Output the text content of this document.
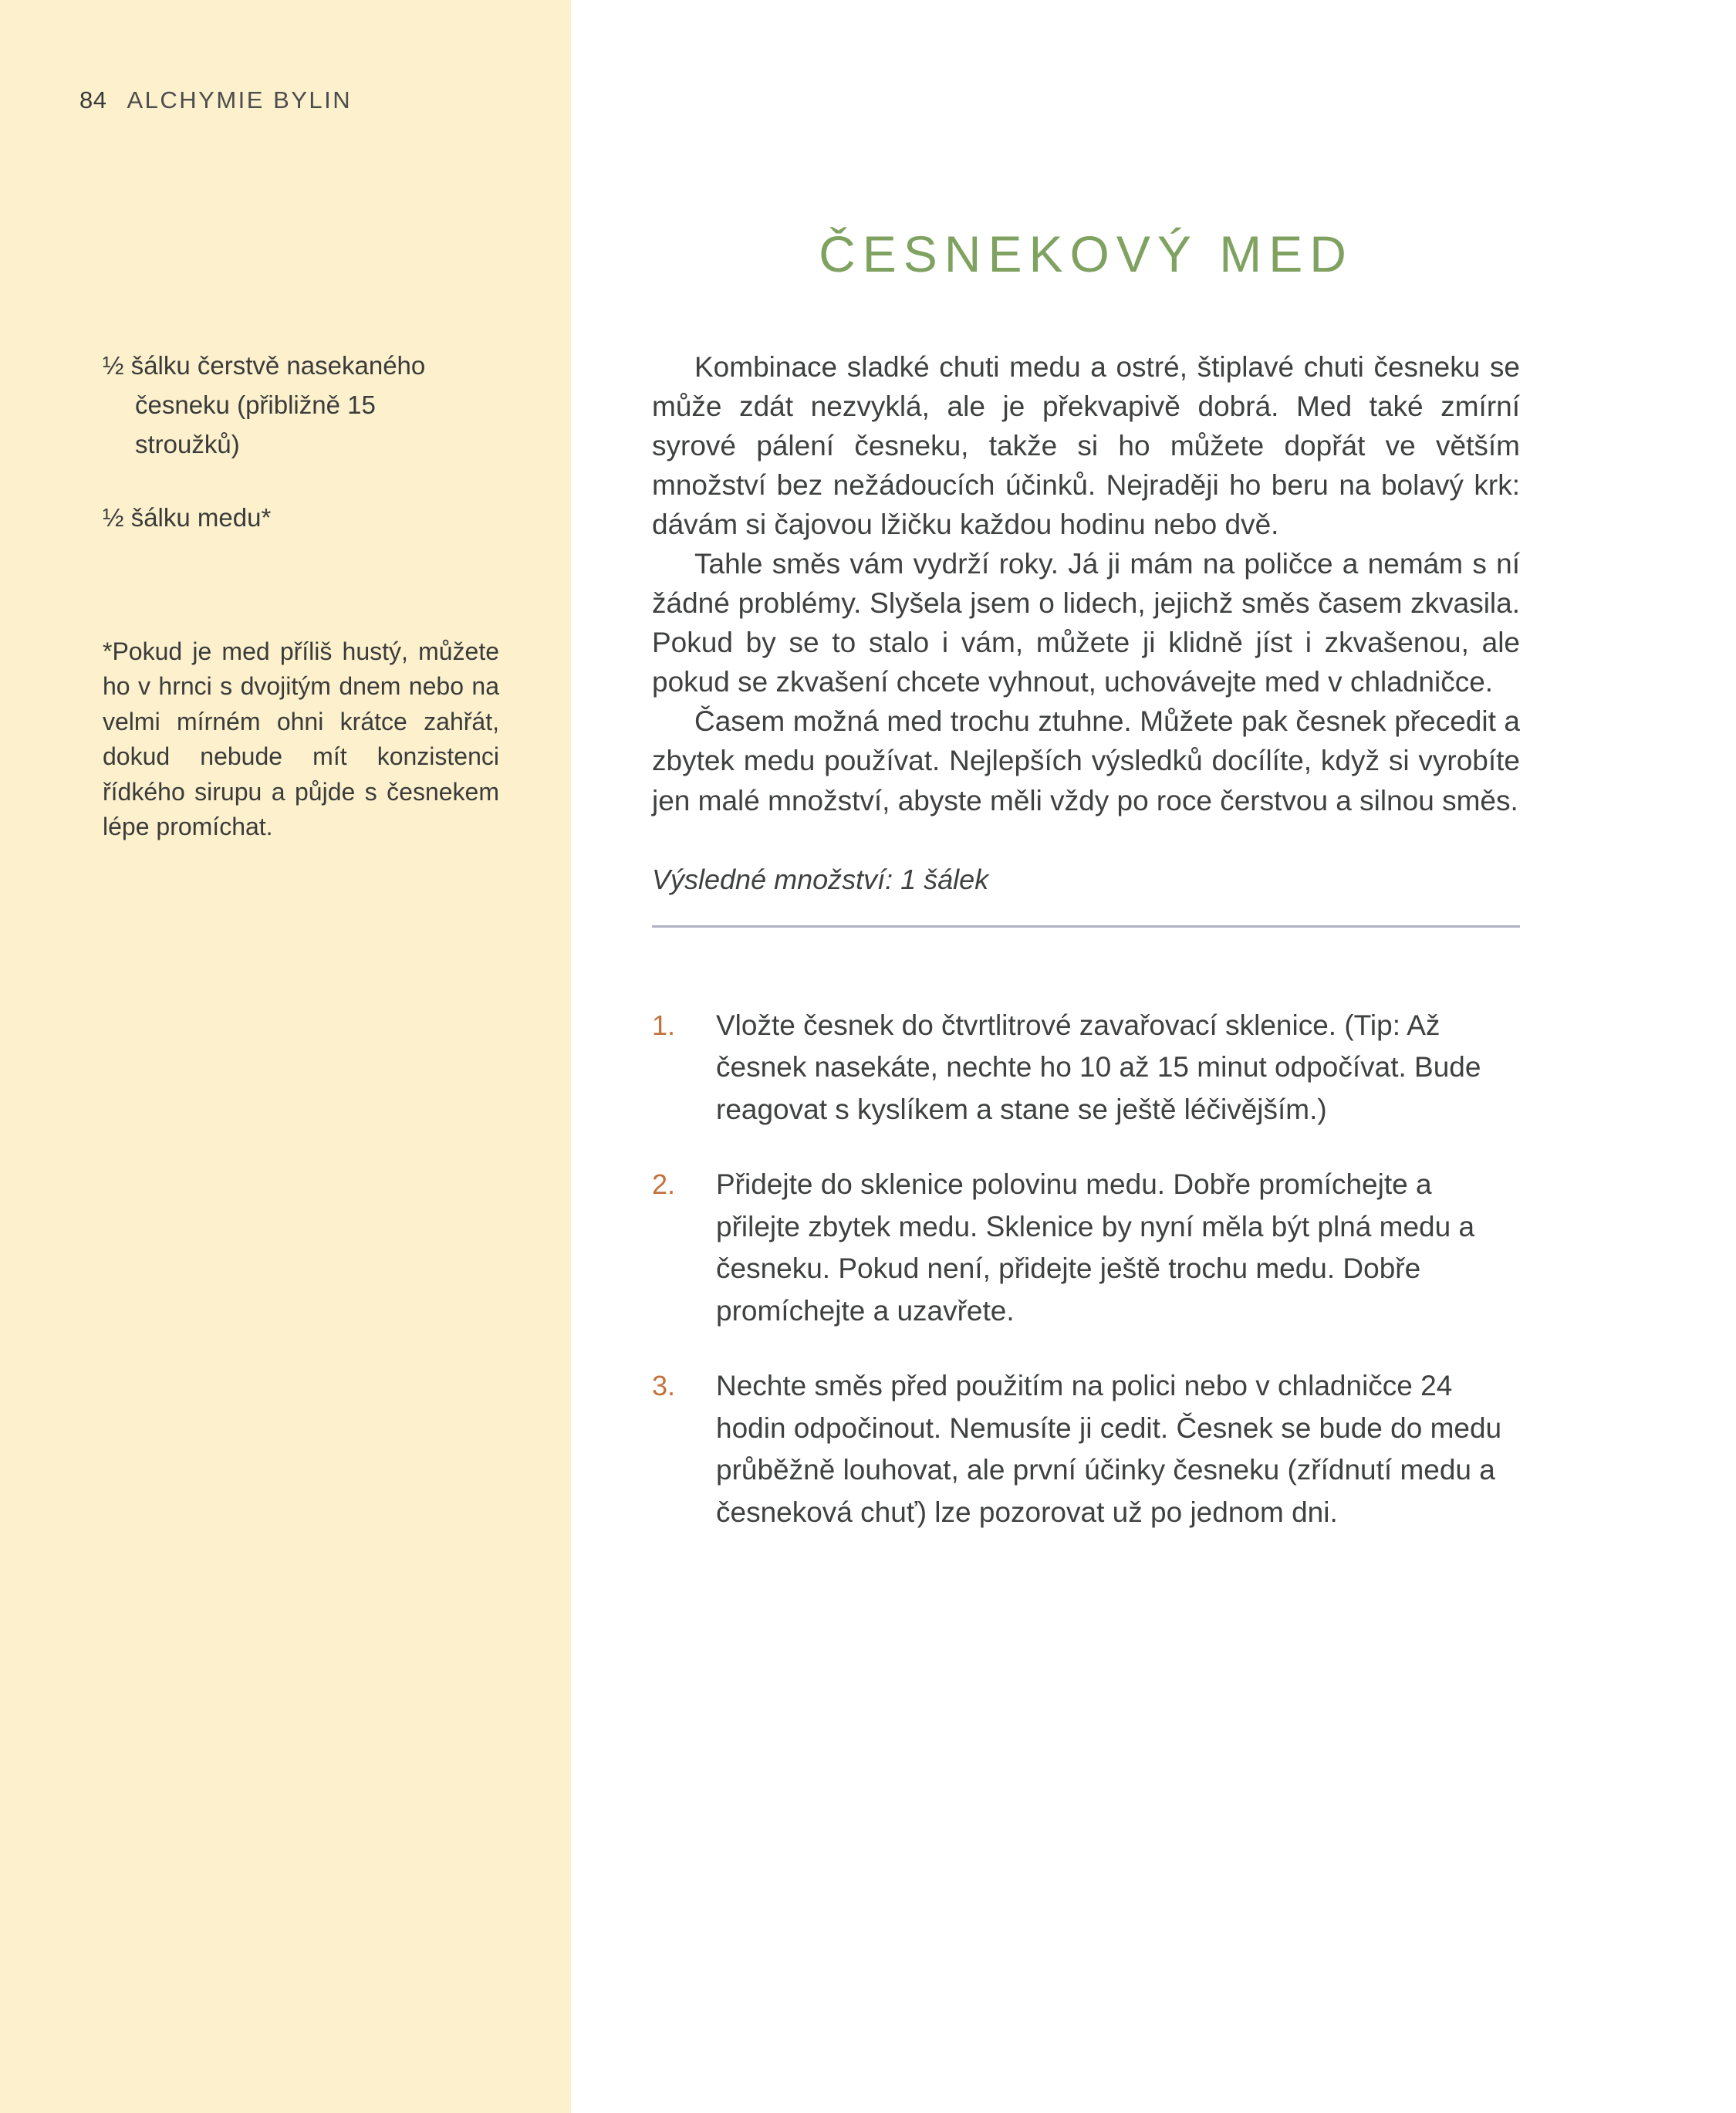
84 ALCHYMIE BYLIN
½ šálku čerstvě nasekaného česneku (přibližně 15 stroužků)
½ šálku medu*

*Pokud je med příliš hustý, můžete ho v hrnci s dvojitým dnem nebo na velmi mírném ohni krátce zahřát, dokud nebude mít konzistenci řídkého sirupu a půjde s česnekem lépe promíchat.

ČESNEKOVÝ MED

Kombinace sladké chuti medu a ostré, štiplavé chuti česneku se může zdát nezvyklá, ale je překvapivě dobrá. Med také zmírní syrové pálení česneku, takže si ho můžete dopřát ve větším množství bez nežádoucích účinků. Nejraději ho beru na bolavý krk: dávám si čajovou lžičku každou hodinu nebo dvě.

Tahle směs vám vydrží roky. Já ji mám na poličce a nemám s ní žádné problémy. Slyšela jsem o lidech, jejichž směs časem zkvasila. Pokud by se to stalo i vám, můžete ji klidně jíst i zkvašenou, ale pokud se zkvašení chcete vyhnout, uchovávejte med v chladničce.

Časem možná med trochu ztuhne. Můžete pak česnek přecedit a zbytek medu používat. Nejlepších výsledků docílíte, když si vyrobíte jen malé množství, abyste měli vždy po roce čerstvou a silnou směs.

Výsledné množství: 1 šálek

1.	Vložte česnek do čtvrtlitrové zavařovací sklenice. (Tip: Až česnek nasekáte, nechte ho 10 až 15 minut odpočívat. Bude reagovat s kyslíkem a stane se ještě léčivějším.)
2.	Přidejte do sklenice polovinu medu. Dobře promíchejte a přilejte zbytek medu. Sklenice by nyní měla být plná medu a česneku. Pokud není, přidejte ještě trochu medu. Dobře promíchejte a uzavřete.
3.	Nechte směs před použitím na polici nebo v chladničce 24 hodin odpočinout. Nemusíte ji cedit. Česnek se bude do medu průběžně louhovat, ale první účinky česneku (zřídnutí medu a česneková chuť) lze pozorovat už po jednom dni.
